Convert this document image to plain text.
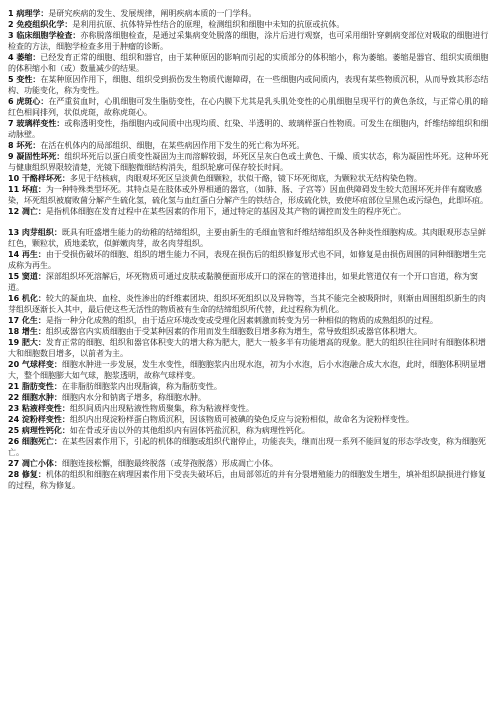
1 病理学：是研究疾病的发生、发展规律，阐明疾病本质的一门学科。

2 免疫组织化学：是利用抗原、抗体特异性结合的原理，检测组织和细胞中未知的抗原或抗体。

3 临床细胞学检查：亦称脱落细胞检查，是通过采集病变处脱落的细胞，涂片后进行观察，也可采用细针穿刺病变部位对吸取的细胞进行检查的方法，细胞学检查多用于肿瘤的诊断。

4 萎缩：已经发育正常的细胞、组织和器官，由于某种原因的影响而引起的实质部分的体积缩小，称为萎缩。萎缩是器官、组织实质细胞的体积缩小和（或）数量减少的结果。

5 变性：在某种原因作用下，细胞、组织受到损伤发生物质代谢障碍，在一些细胞内或间质内，表现有某些物质沉积，从而导致其形态结构、功能变化，称为变性。

6 虎斑心：在严重贫血时，心肌细胞可发生脂肪变性，在心内膜下尤其是乳头肌处变性的心肌细胞呈现平行的黄色条纹，与正常心肌的暗红色相间排列，状似虎斑，故称虎斑心。

7 玻璃样变性：或称透明变性，指细胞内或间质中出现均质、红染、半透明的、玻璃样蛋白性物质。可发生在细胞内，纤维结缔组织和细动脉壁。

8 坏死：在活在机体内的局部组织、细胞，在某些病因作用下发生的死亡称为坏死。

9 凝固性坏死：组织坏死后以蛋白质变性凝固为主而溶解较弱，坏死区呈灰白色或土黄色、干燥、质实状态，称为凝固性坏死。这种坏死与健康组织界限较清楚，光镜下细胞微细结构消失，组织轮廓可保存较长时间。

10 干酪样坏死：多见于结核病，肉眼观坏死区呈淡黄色细颗粒，状似干酪，镜下坏死彻底，为颗粒状无结构染色物。

11 坏疽：为一种特殊类型坏死。其特点是在肢体或外界相通的器官，（如肺、肠、子宫等）因血供障碍发生较大范围坏死并伴有腐败感染，坏死组织被腐败菌分解产生硫化氢，硫化氢与血红蛋白分解产生的铁结合，形成硫化铁，致使坏疽部位呈黑色或污绿色，此即坏疽。

12 凋亡：是指机体细胞在发育过程中在某些因素的作用下，通过特定的基因及其产物的调控而发生的程序死亡。

13 肉芽组织：既具有旺盛增生能力的幼稚的结缔组织，主要由新生的毛细血管和纤维结缔组织及各种炎性细胞构成。其肉眼观形态呈鲜红色，颗粒状，质地柔软，似鲜嫩肉芽，故名肉芽组织。

14 再生：由于受损伤破坏的细胞、组织的增生能力不同，表现在损伤后的组织修复形式也不同，如修复是由损伤周围的同种细胞增生完成称为再生。

15 窦道：深部组织坏死溶解后，坏死物质可通过皮肤或黏膜便面形成开口的深在的管道排出，如果此管道仅有一个开口盲道，称为窦道。

16 机化：较大的凝血块、血栓、炎性渗出的纤维素团块、组织坏死组织以及异物等，当其不能完全被吸附时，则渐由周围组织新生的肉芽组织逐渐长入其中，最后使这些无活性的物质被有生命的结缔组织所代替，此过程称为机化。

17 化生：是指一种分化成熟的组织，由于适应环境改变或受理化因素刺激而转变为另一种相似的物质的成熟组织的过程。

18 增生：组织或器官内实质细胞由于受某种因素的作用而发生细胞数目增多称为增生，常导致组织或器官体积增大。

19 肥大：发育正常的细胞、组织和器官体积变大的增大称为肥大，肥大一般多半有功能增高的现象。肥大的组织往往同时有细胞体积增大和细胞数目增多，以前者为主。

20 气球样变：细胞水肿进一步发展，发生水变性，细胞胞浆内出现水泡，初为小水泡，后小水泡融合成大水泡，此时，细胞体积明显增大，整个细胞膨大如气球，胞浆透明，故称气球样变。

21 脂肪变性：在非脂肪细胞浆内出现脂滴，称为脂肪变性。

22 细胞水肿：细胞内水分和钠离子增多，称细胞水肿。

23 粘液样变性：组织间质内出现粘液性物质聚集，称为粘液样变性。

24 淀粉样变性：组织内出现淀粉样蛋白物质沉积，因该物质可被碘的染色反应与淀粉相似，故命名为淀粉样变性。

25 病理性钙化：如在骨或牙齿以外的其他组织内有固体钙盐沉积，称为病理性钙化。

26 细胞死亡：在某些因素作用下，引起的机体的细胞或组织代谢停止，功能丧失，继而出现一系列不能回复的形态学改变，称为细胞死亡。

27 凋亡小体：细胞连接松懈，细胞最终脱落（或芽孢脱落）形成凋亡小体。

28 修复：机体的组织和细胞在病理因素作用下受丧失破坏后，由局部邻近的并有分裂增殖能力的细胞发生增生，填补组织缺损进行修复的过程，称为修复。
